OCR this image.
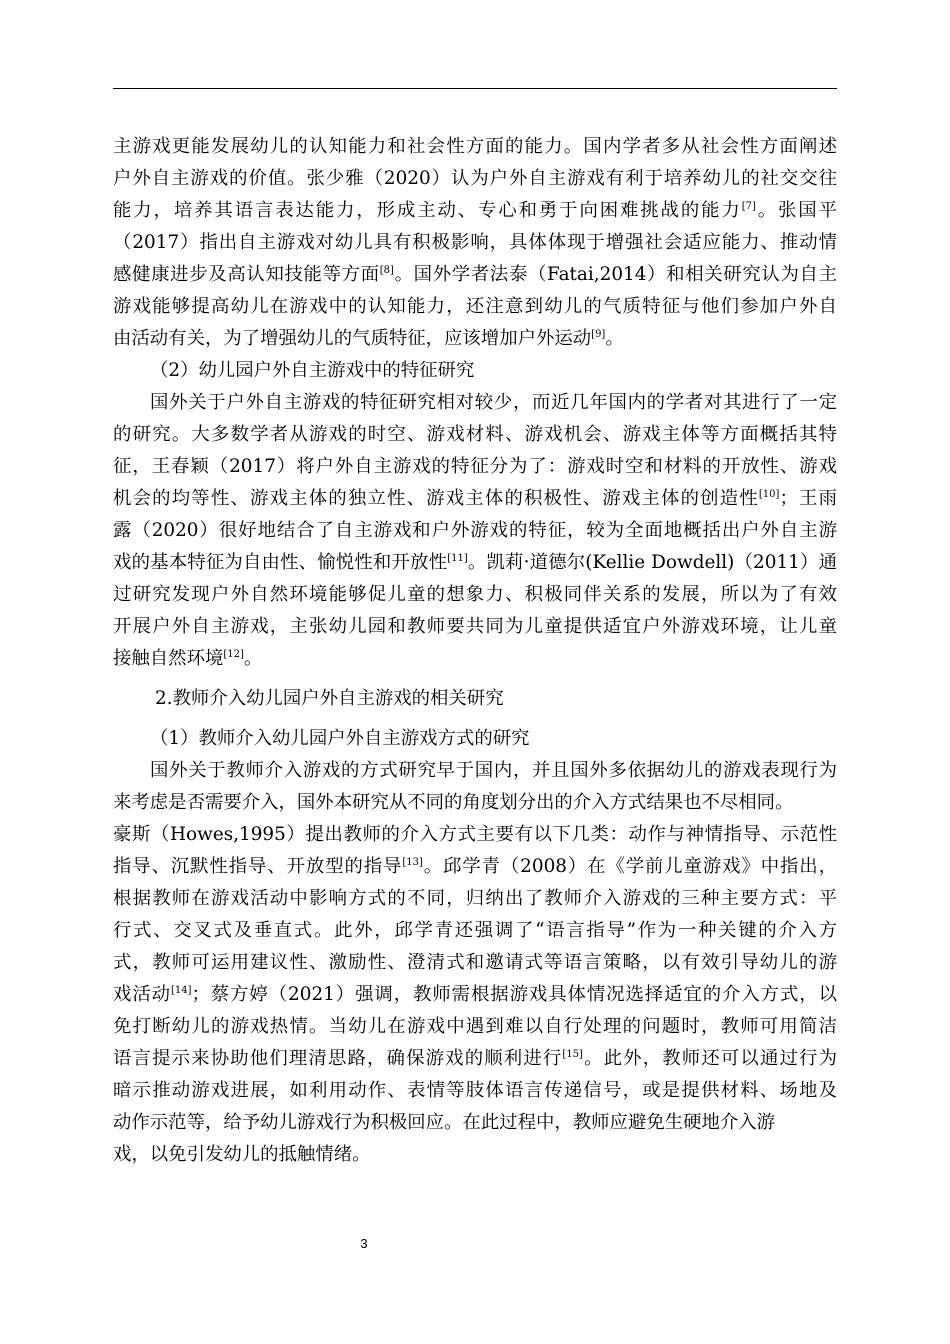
主游戏更能发展幼儿的认知能力和社会性方面的能力。国内学者多从社会性方面阐述
户外自主游戏的价值。张少雅（2020）认为户外自主游戏有利于培养幼儿的社交交往
能力，培养其语言表达能力，形成主动、专心和勇于向困难挑战的能力[7]。张国平
（2017）指出自主游戏对幼儿具有积极影响，具体体现于增强社会适应能力、推动情
感健康进步及高认知技能等方面[8]。国外学者法泰（Fatai,2014）和相关研究认为自主
游戏能够提高幼儿在游戏中的认知能力，还注意到幼儿的气质特征与他们参加户外自
由活动有关，为了增强幼儿的气质特征，应该增加户外运动[9]。
（2）幼儿园户外自主游戏中的特征研究
国外关于户外自主游戏的特征研究相对较少，而近几年国内的学者对其进行了一定
的研究。大多数学者从游戏的时空、游戏材料、游戏机会、游戏主体等方面概括其特
征，王春颖（2017）将户外自主游戏的特征分为了：游戏时空和材料的开放性、游戏
机会的均等性、游戏主体的独立性、游戏主体的积极性、游戏主体的创造性[10]；王雨
露（2020）很好地结合了自主游戏和户外游戏的特征，较为全面地概括出户外自主游
戏的基本特征为自由性、愉悦性和开放性[11]。凯莉·道德尔(Kellie Dowdell)（2011）通
过研究发现户外自然环境能够促儿童的想象力、积极同伴关系的发展，所以为了有效
开展户外自主游戏，主张幼儿园和教师要共同为儿童提供适宜户外游戏环境，让儿童
接触自然环境[12]。
2.教师介入幼儿园户外自主游戏的相关研究
（1）教师介入幼儿园户外自主游戏方式的研究
国外关于教师介入游戏的方式研究早于国内，并且国外多依据幼儿的游戏表现行为
来考虑是否需要介入，国外本研究从不同的角度划分出的介入方式结果也不尽相同。
豪斯（Howes,1995）提出教师的介入方式主要有以下几类：动作与神情指导、示范性
指导、沉默性指导、开放型的指导[13]。邱学青（2008）在《学前儿童游戏》中指出，
根据教师在游戏活动中影响方式的不同，归纳出了教师介入游戏的三种主要方式：平
行式、交叉式及垂直式。此外，邱学青还强调了“语言指导”作为一种关键的介入方
式，教师可运用建议性、激励性、澄清式和邀请式等语言策略，以有效引导幼儿的游
戏活动[14]；蔡方婷（2021）强调，教师需根据游戏具体情况选择适宜的介入方式，以
免打断幼儿的游戏热情。当幼儿在游戏中遇到难以自行处理的问题时，教师可用简洁
语言提示来协助他们理清思路，确保游戏的顺利进行[15]。此外，教师还可以通过行为
暗示推动游戏进展，如利用动作、表情等肢体语言传递信号，或是提供材料、场地及
动作示范等，给予幼儿游戏行为积极回应。在此过程中，教师应避免生硬地介入游
戏，以免引发幼儿的抵触情绪。
3
